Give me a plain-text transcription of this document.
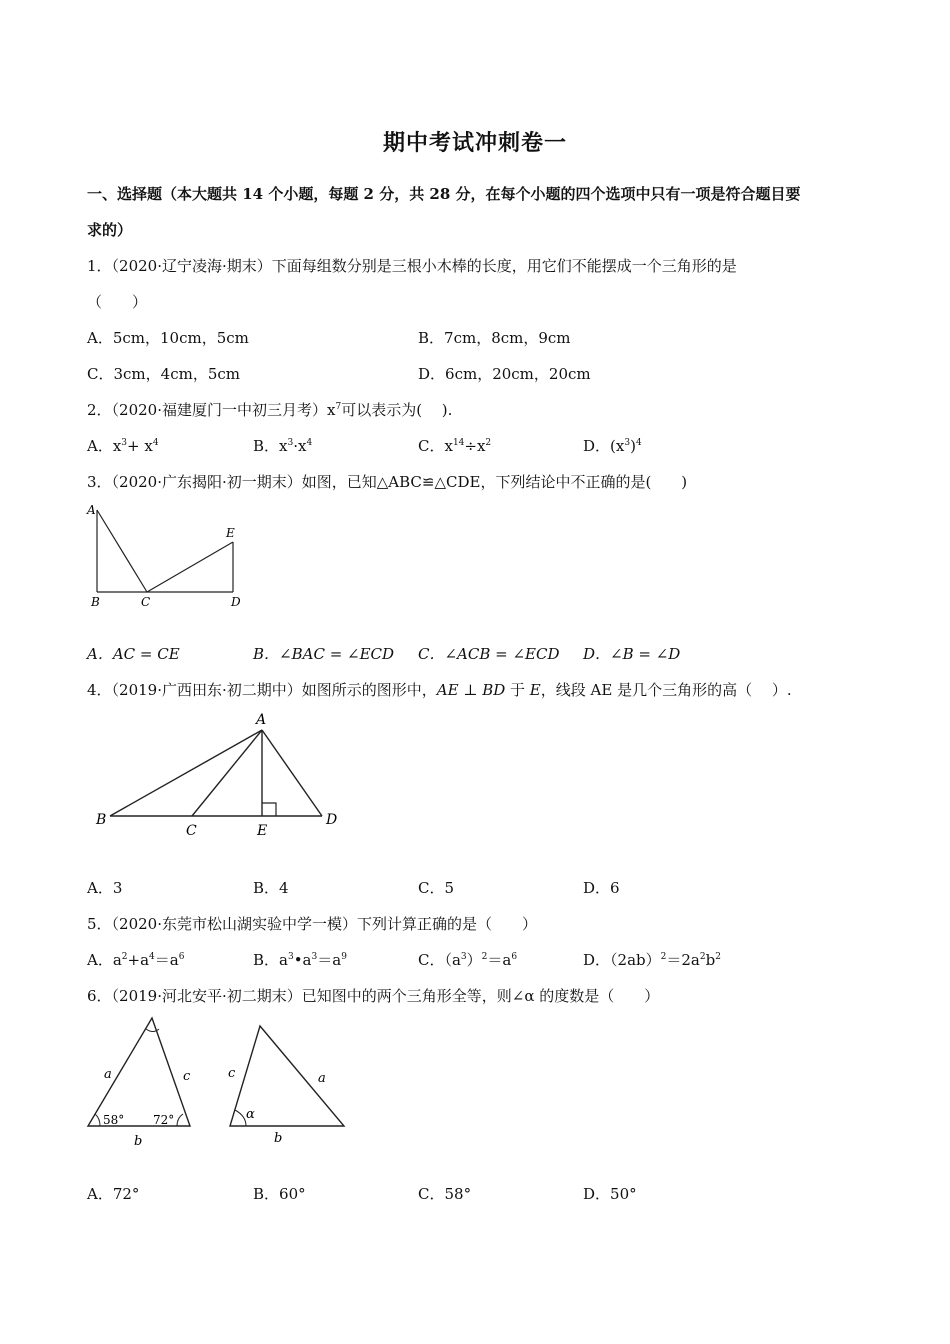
期中考试冲刺卷一
一、选择题（本大题共 14 个小题，每题 2 分，共 28 分，在每个小题的四个选项中只有一项是符合题目要
求的）
1．（2020·辽宁凌海·期末）下面每组数分别是三根小木棒的长度，用它们不能摆成一个三角形的是
（　　）
A．5cm，10cm，5cm	B．7cm，8cm，9cm
C．3cm，4cm，5cm	D．6cm，20cm，20cm
2．（2020·福建厦门一中初三月考）$x^7$可以表示为(　 ).
A．$x^3+ x^4$	B．$x^3\cdot x^4$	C．$x^{14}\div x^2$	D．$(x^3)^4$
3．（2020·广东揭阳·初一期末）如图，已知△ABC≌△CDE，下列结论中不正确的是(　　)
A
E
B	C	D
A．AC = CE	B．∠BAC = ∠ECD C．∠ACB = ∠ECD D．∠B = ∠D
4．（2019·广西田东·初二期中）如图所示的图形中，AE ⊥ BD 于 E，线段 AE 是几个三角形的高（　 ）.
A
B
C	E
D
A．3	B．4	C．5	D．6
5．（2020·东莞市松山湖实验中学一模）下列计算正确的是（　　）
A．$a^2+a^4=a^6$	B．$a^3•a^3=a^9$	C．$(a^3)^2=a^6$	D．$(2ab)^2=2a^2b^2$
6．（2019·河北安平·初二期末）已知图中的两个三角形全等，则∠α 的度数是（　　）
a	c
58° 72°
b
c	a
α
b
A．72°	B．60°	C．58°	D．50°
